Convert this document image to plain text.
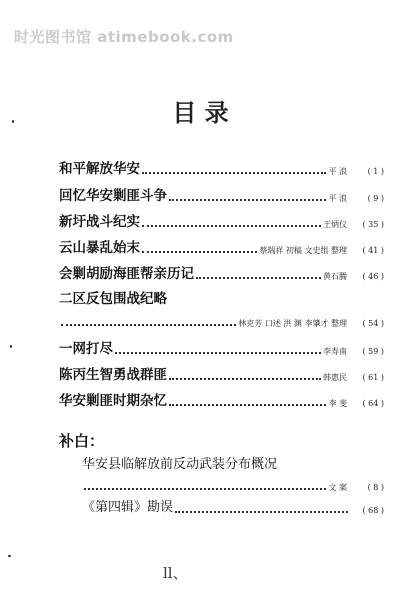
时光图书馆 atimebook.com
目 录
和平解放华安	平 浪	( 1 )
回忆华安剿匪斗争	平 浪	( 9 )
新圩战斗纪实	王炳仪	( 35 )
云山暴乱始末	蔡瑞祥 初稿 文史组 整理	( 41 )
会剿胡励海匪帮亲历记	黄石腾	( 46 )
二区反包围战纪略
林克芳 口述 洪 渊 李肇才 整理	( 54 )
一网打尽	李寿南	( 59 )
陈丙生智勇战群匪	韩惠民	( 61 )
华安剿匪时期杂忆	李 斐	( 64 )
补白：
华安县临解放前反动武装分布概况
文 案	( 8 )
《第四辑》勘误	( 68 )
ll、
